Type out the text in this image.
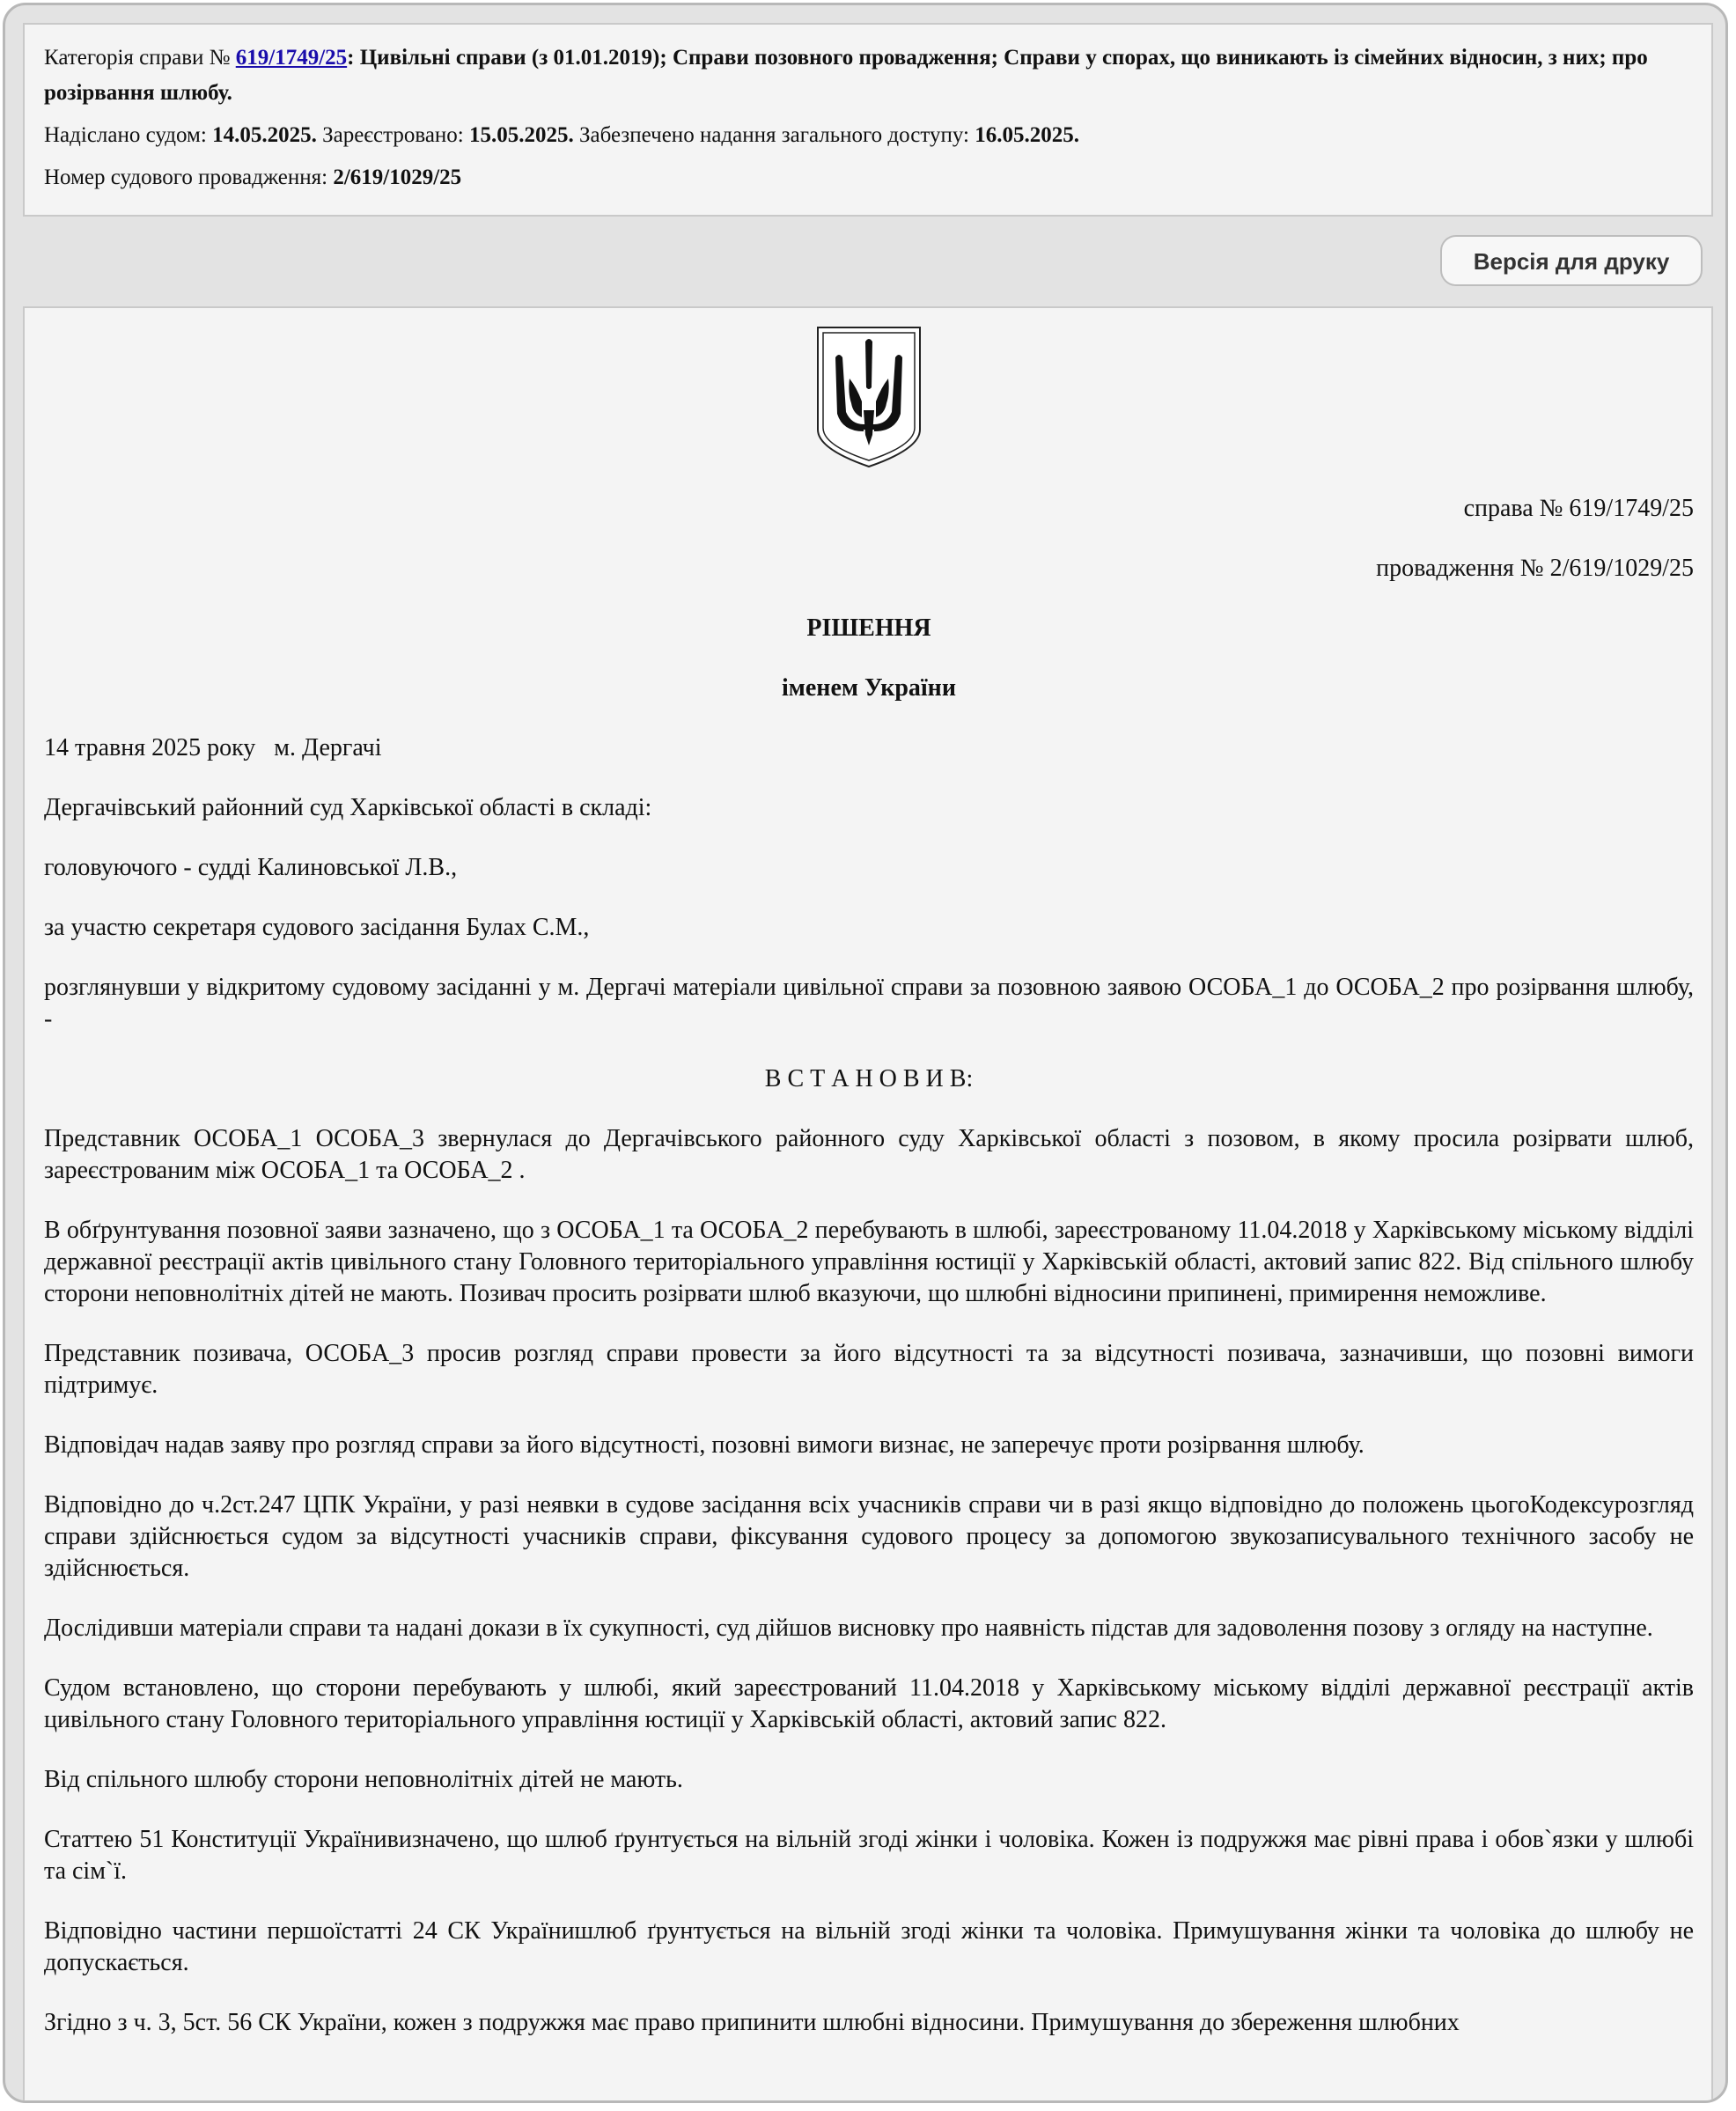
Категорія справи № 619/1749/25: Цивільні справи (з 01.01.2019); Справи позовного провадження; Справи у спорах, що виникають із сімейних відносин, з них; про розірвання шлюбу.

Надіслано судом: 14.05.2025. Зареєстровано: 15.05.2025. Забезпечено надання загального доступу: 16.05.2025.

Номер судового провадження: 2/619/1029/25

Версія для друку

справа № 619/1749/25

провадження № 2/619/1029/25

РІШЕННЯ

іменем України

14 травня 2025 року   м. Дергачі

Дергачівський районний суд Харківської області в складі:

головуючого - судді Калиновської Л.В.,

за участю секретаря судового засідання Булах С.М.,

розглянувши у відкритому судовому засіданні у м. Дергачі матеріали цивільної справи за позовною заявою ОСОБА_1 до ОСОБА_2 про розірвання шлюбу, -

В С Т А Н О В И В:

Представник ОСОБА_1 ОСОБА_3 звернулася до Дергачівського районного суду Харківської області з позовом, в якому просила розірвати шлюб, зареєстрованим між ОСОБА_1 та ОСОБА_2 .

В обґрунтування позовної заяви зазначено, що з ОСОБА_1 та ОСОБА_2 перебувають в шлюбі, зареєстрованому 11.04.2018 у Харківському міському відділі державної реєстрації актів цивільного стану Головного територіального управління юстиції у Харківській області, актовий запис 822. Від спільного шлюбу сторони неповнолітніх дітей не мають. Позивач просить розірвати шлюб вказуючи, що шлюбні відносини припинені, примирення неможливе.

Представник позивача, ОСОБА_3 просив розгляд справи провести за його відсутності та за відсутності позивача, зазначивши, що позовні вимоги підтримує.

Відповідач надав заяву про розгляд справи за його відсутності, позовні вимоги визнає, не заперечує проти розірвання шлюбу.

Відповідно до ч.2ст.247 ЦПК України, у разі неявки в судове засідання всіх учасників справи чи в разі якщо відповідно до положень цьогоКодексурозгляд справи здійснюється судом за відсутності учасників справи, фіксування судового процесу за допомогою звукозаписувального технічного засобу не здійснюється.

Дослідивши матеріали справи та надані докази в їх сукупності, суд дійшов висновку про наявність підстав для задоволення позову з огляду на наступне.

Судом встановлено, що сторони перебувають у шлюбі, який зареєстрований 11.04.2018 у Харківському міському відділі державної реєстрації актів цивільного стану Головного територіального управління юстиції у Харківській області, актовий запис 822.

Від спільного шлюбу сторони неповнолітніх дітей не мають.

Статтею 51 Конституції Українивизначено, що шлюб ґрунтується на вільній згоді жінки і чоловіка. Кожен із подружжя має рівні права і обов`язки у шлюбі та сім`ї.

Відповідно частини першоїстатті 24 СК Українишлюб ґрунтується на вільній згоді жінки та чоловіка. Примушування жінки та чоловіка до шлюбу не допускається.

Згідно з ч. 3, 5ст. 56 СК України, кожен з подружжя має право припинити шлюбні відносини. Примушування до збереження шлюбних
